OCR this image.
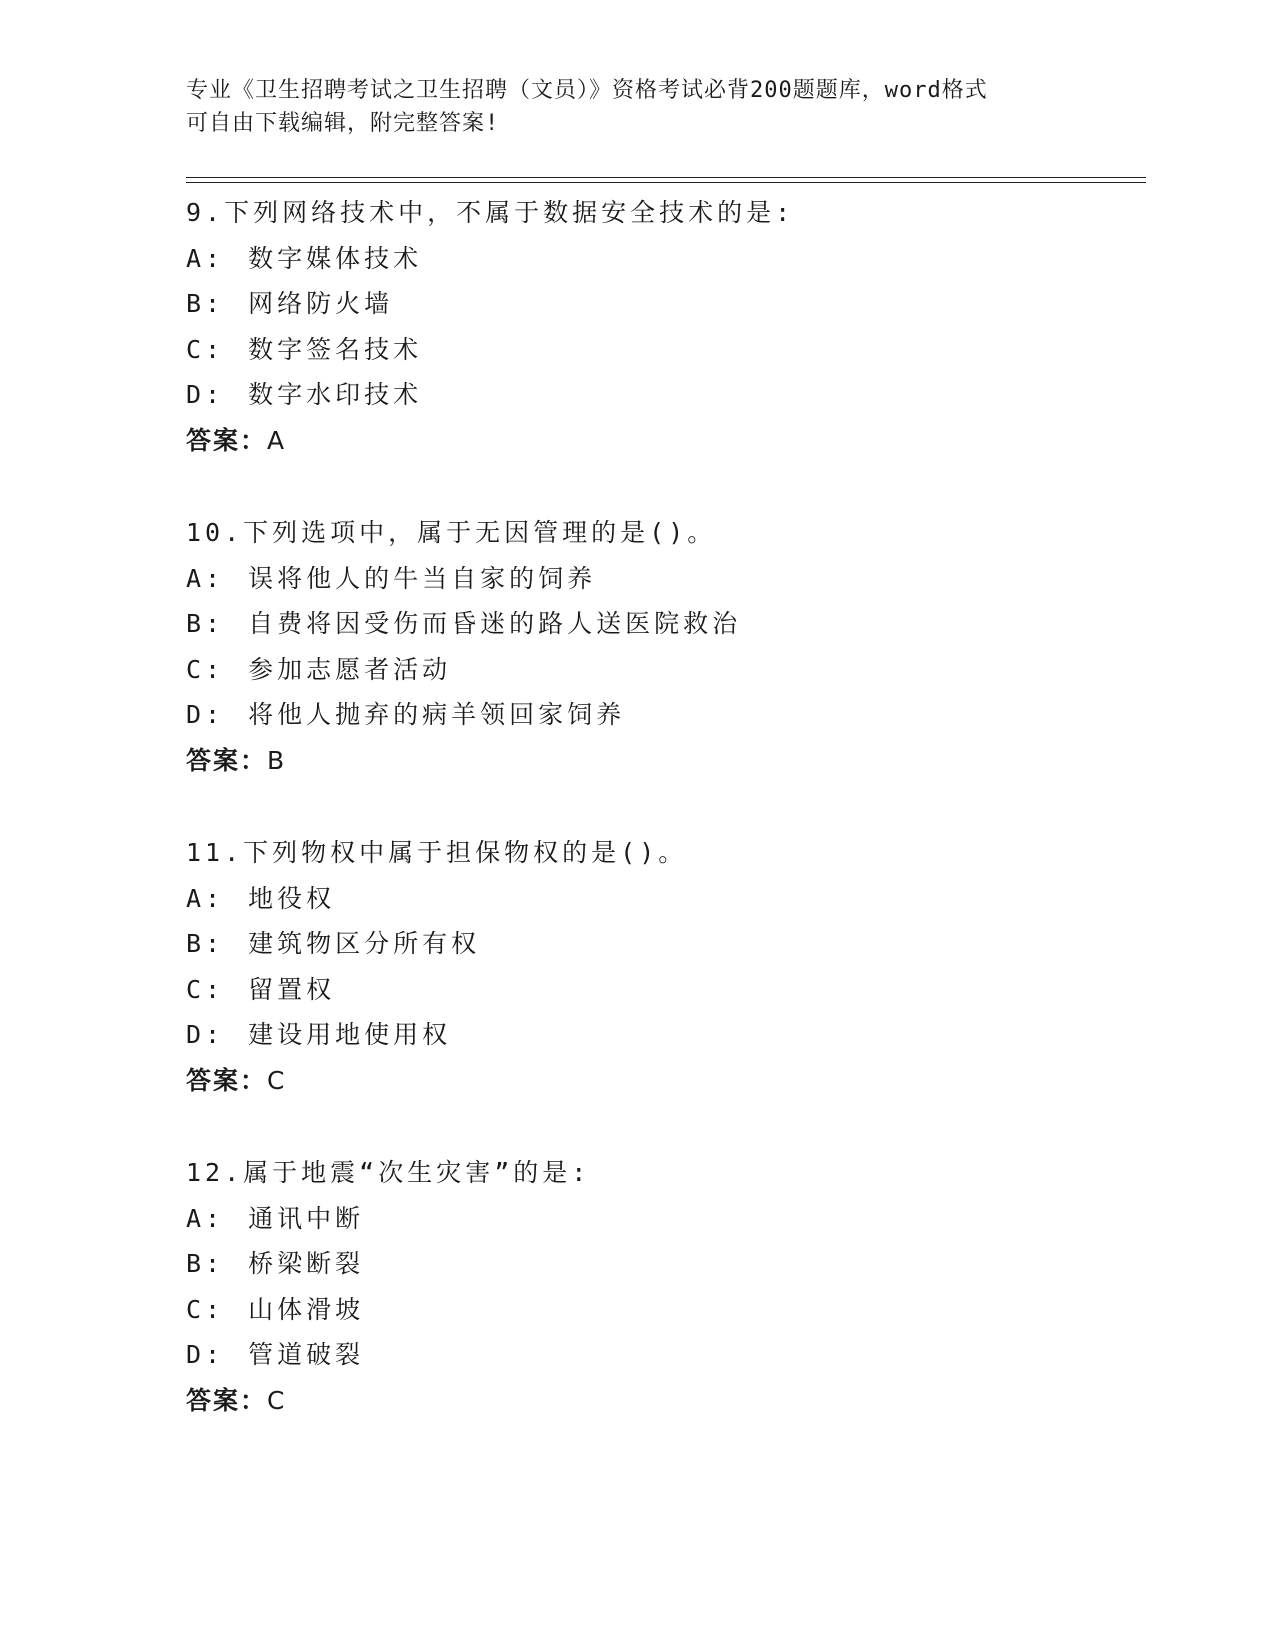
专业《卫生招聘考试之卫生招聘（文员）》资格考试必背200题题库，word格式
可自由下载编辑，附完整答案!
9.下列网络技术中，不属于数据安全技术的是:
A: 数字媒体技术
B: 网络防火墙
C: 数字签名技术
D: 数字水印技术
答案： A
10.下列选项中，属于无因管理的是()。
A: 误将他人的牛当自家的饲养
B: 自费将因受伤而昏迷的路人送医院救治
C: 参加志愿者活动
D: 将他人抛弃的病羊领回家饲养
答案： B
11.下列物权中属于担保物权的是()。
A: 地役权
B: 建筑物区分所有权
C: 留置权
D: 建设用地使用权
答案： C
12.属于地震“次生灾害”的是:
A: 通讯中断
B: 桥梁断裂
C: 山体滑坡
D: 管道破裂
答案： C
